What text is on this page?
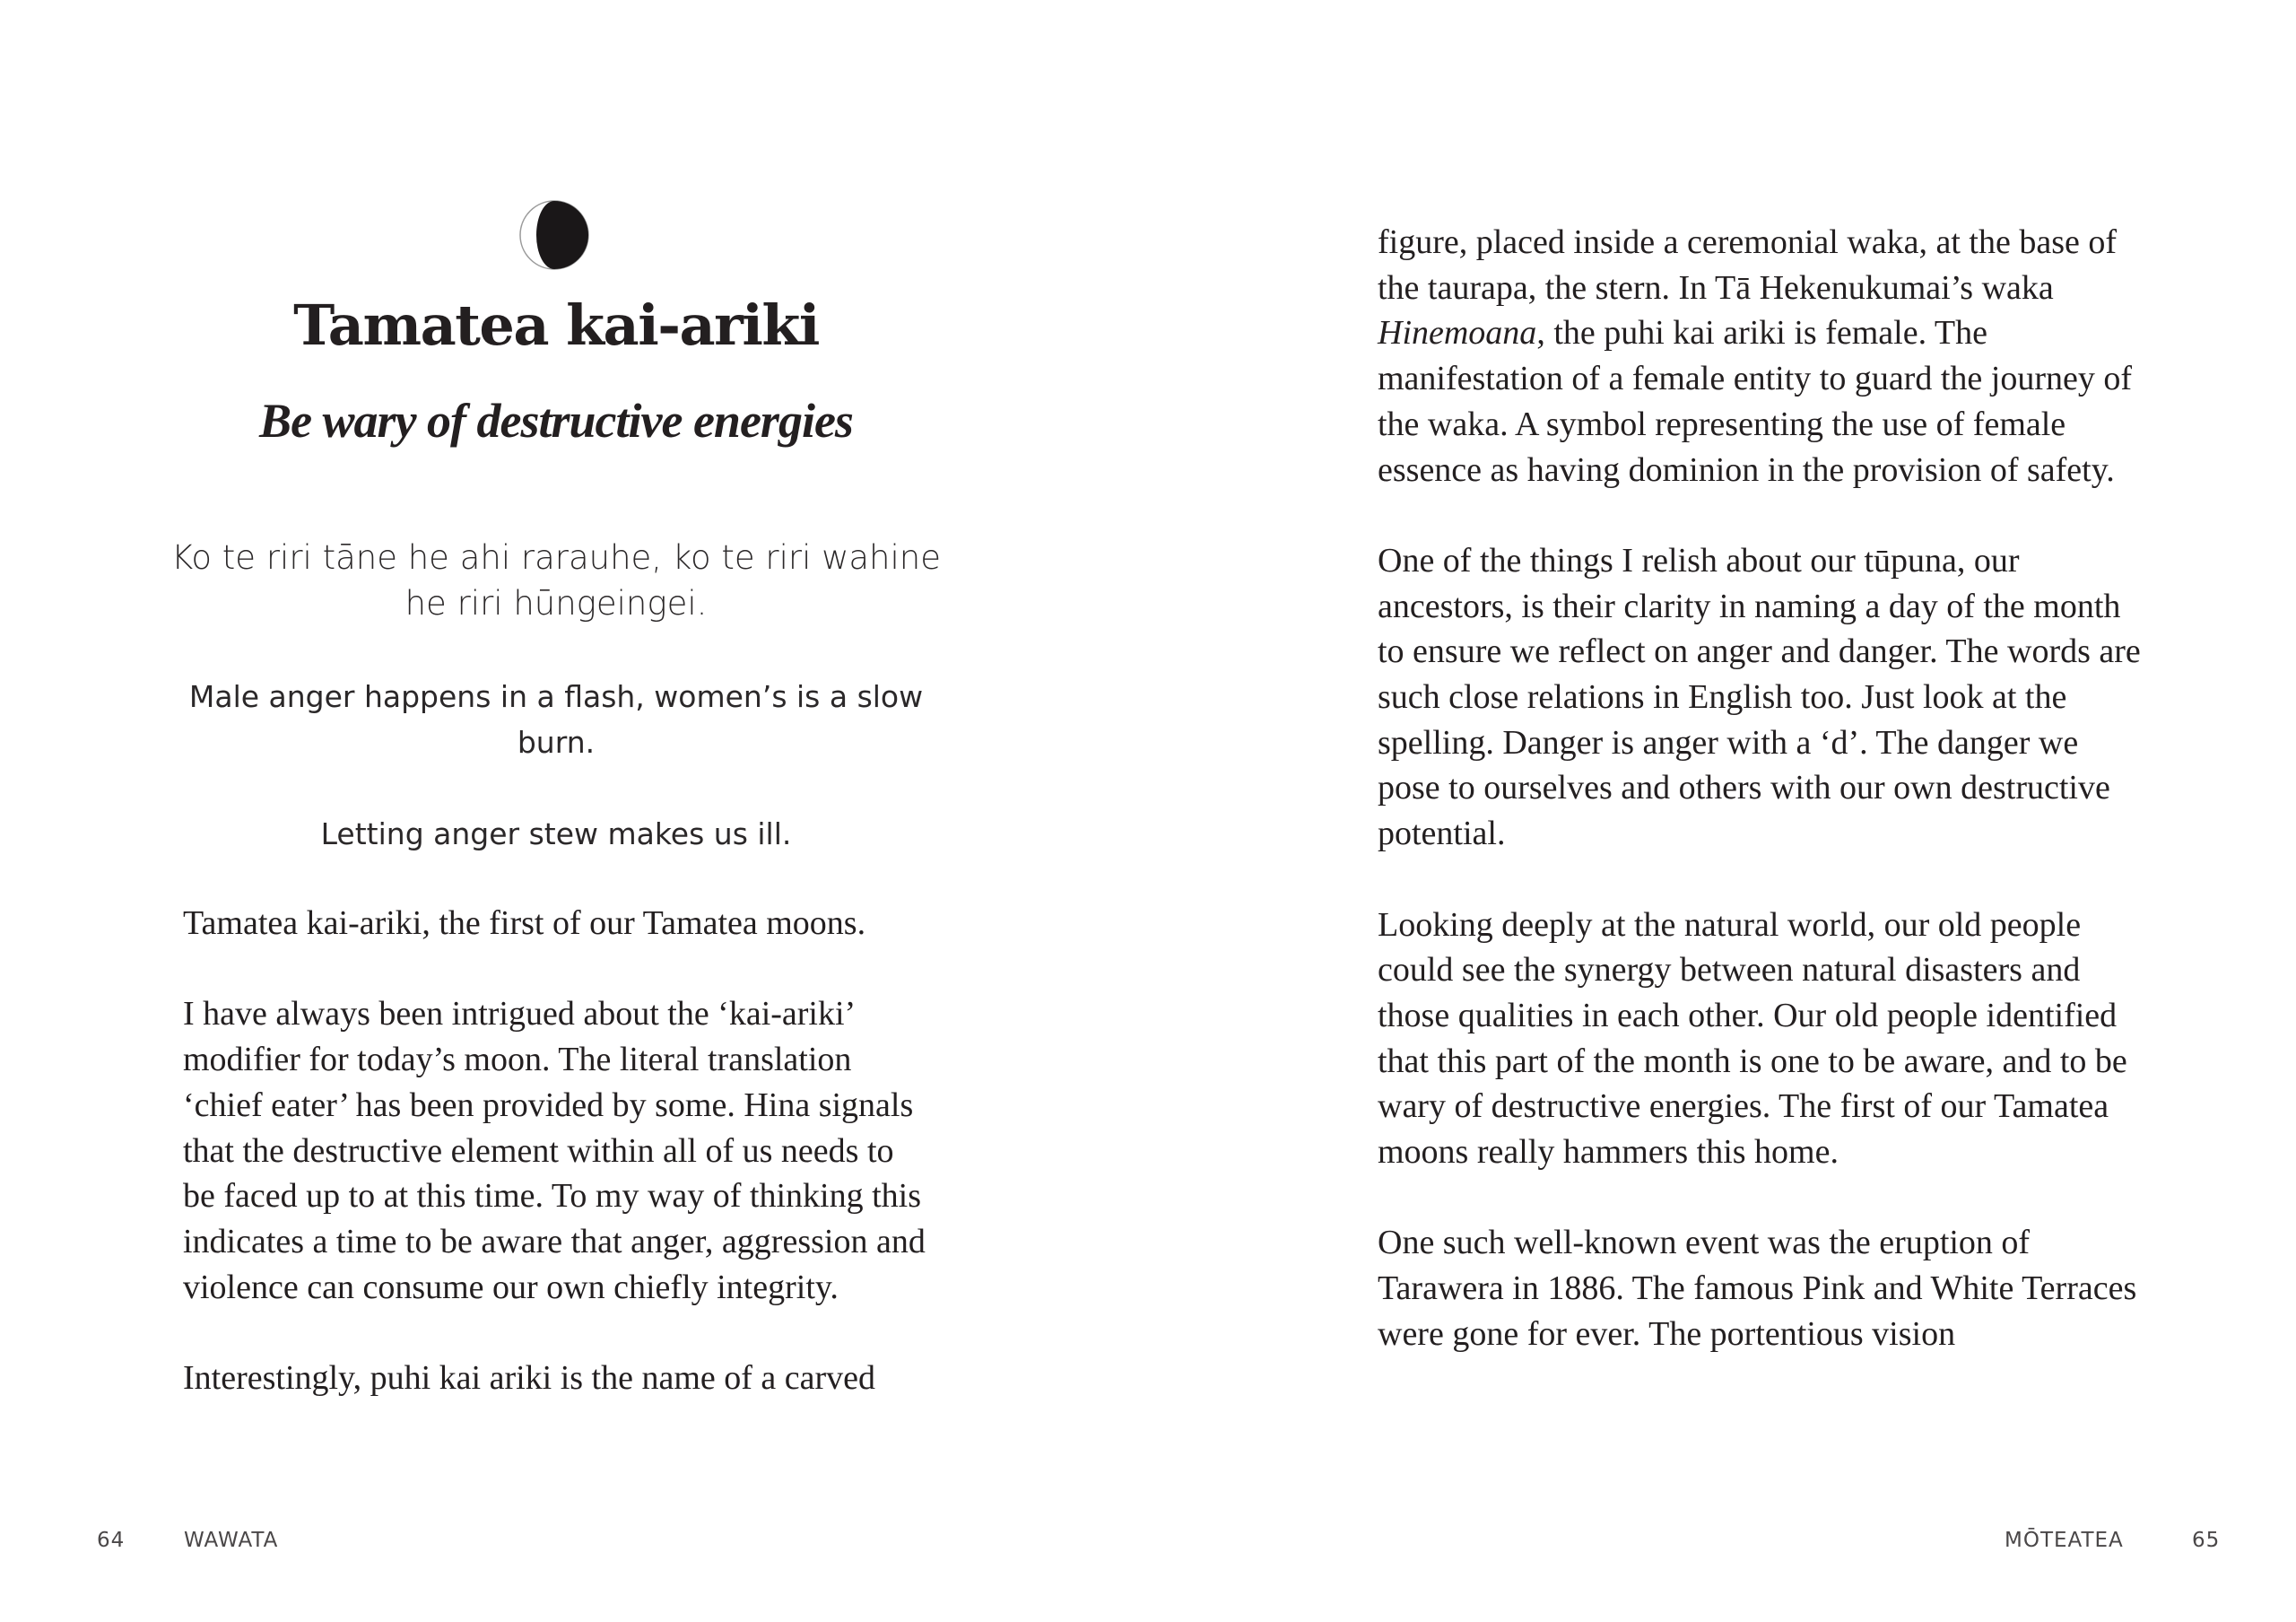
Tamatea kai-ariki
Be wary of destructive energies

Ko te riri tāne he ahi rarauhe, ko te riri wahine he riri hūngeingei.

Male anger happens in a flash, women’s is a slow burn.

Letting anger stew makes us ill.

Tamatea kai-ariki, the first of our Tamatea moons.

I have always been intrigued about the ‘kai-ariki’ modifier for today’s moon. The literal translation ‘chief eater’ has been provided by some. Hina signals that the destructive element within all of us needs to be faced up to at this time. To my way of thinking this indicates a time to be aware that anger, aggression and violence can consume our own chiefly integrity.

Interestingly, puhi kai ariki is the name of a carved

64	WAWATA

figure, placed inside a ceremonial waka, at the base of the taurapa, the stern. In Tā Hekenukumai’s waka Hinemoana, the puhi kai ariki is female. The manifestation of a female entity to guard the journey of the waka. A symbol representing the use of female essence as having dominion in the provision of safety.

One of the things I relish about our tūpuna, our ancestors, is their clarity in naming a day of the month to ensure we reflect on anger and danger. The words are such close relations in English too. Just look at the spelling. Danger is anger with a ‘d’. The danger we pose to ourselves and others with our own destructive potential.

Looking deeply at the natural world, our old people could see the synergy between natural disasters and those qualities in each other. Our old people identified that this part of the month is one to be aware, and to be wary of destructive energies. The first of our Tamatea moons really hammers this home.

One such well-known event was the eruption of Tarawera in 1886. The famous Pink and White Terraces were gone for ever. The portentious vision

MŌTEATEA	65
